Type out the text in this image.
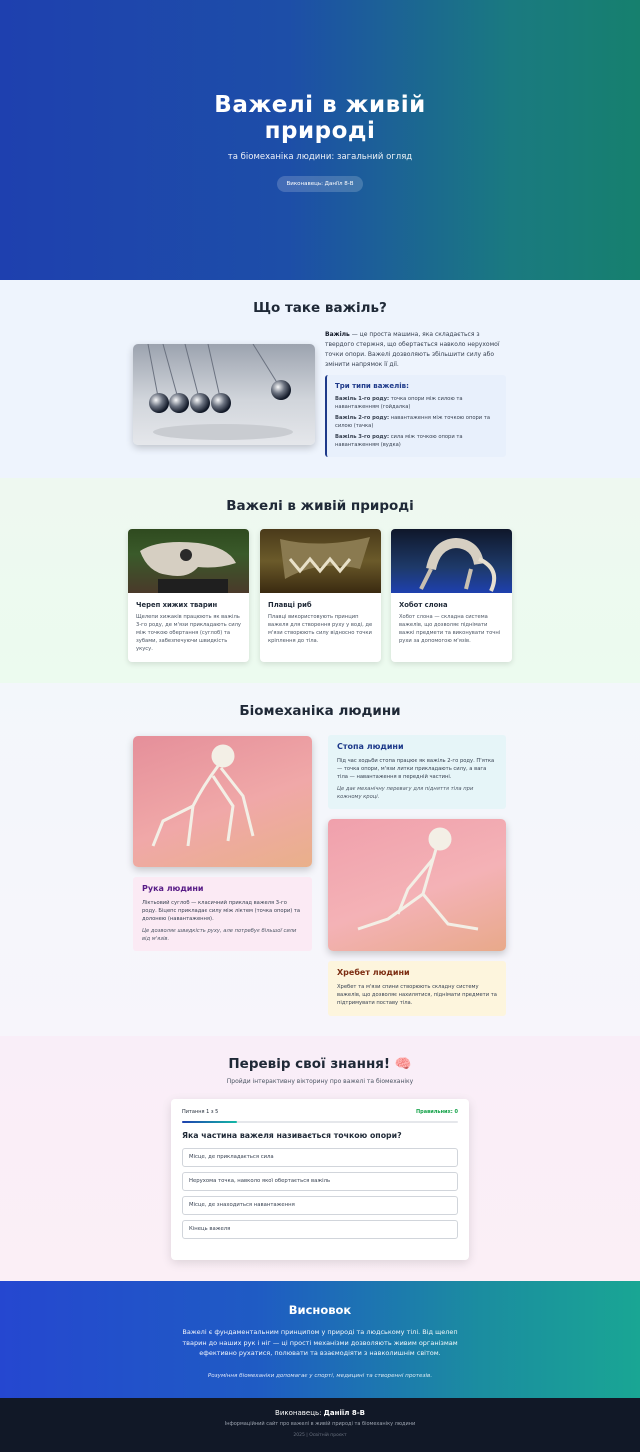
Важелі в живій
природі
та біомеханіка людини: загальний огляд
Виконавець: Даніїл 8-В
Що таке важіль?

Важіль — це проста машина, яка складається з твердого стержня, що обертається навколо нерухомої точки опори. Важелі дозволяють збільшити силу або змінити напрямок її дії.

Три типи важелів:

Важіль 1-го роду: точка опори між силою та навантаженням (гойдалка)

Важіль 2-го роду: навантаження між точкою опори та силою (тачка)

Важіль 3-го роду: сила між точкою опори та навантаженням (вудка)

Важелі в живій природі
Череп хижих тварин

Щелепи хижаків працюють як важіль 3-го роду, де м'язи прикладають силу між точкою обертання (суглоб) та зубами, забезпечуючи швидкість укусу.

Плавці риб

Плавці використовують принцип важеля для створення руху у воді, де м'язи створюють силу відносно точки кріплення до тіла.

Хобот слона

Хобот слона — складна система важелів, що дозволяє піднімати важкі предмети та виконувати точні рухи за допомогою м'язів.

Біомеханіка людини
Стопа людини

Під час ходьби стопа працює як важіль 2-го роду. П'ятка — точка опори, м'язи литки прикладають силу, а вага тіла — навантаження в передній частині.

Це дає механічну перевагу для підняття тіла при кожному кроці.

Рука людини

Ліктьовий суглоб — класичний приклад важеля 3-го роду. Біцепс прикладає силу між ліктем (точка опори) та долонею (навантаження).

Це дозволяє швидкість руху, але потребує більшої сили від м'язів.

Хребет людини

Хребет та м'язи спини створюють складну систему важелів, що дозволяє нахилятися, піднімати предмети та підтримувати поставу тіла.

Перевір свої знання! 🧠

Пройди інтерактивну вікторину про важелі та біомеханіку

Питання 1 з 5	Правильних: 0
Яка частина важеля називається точкою опори?
Місце, де прикладається сила
Нерухома точка, навколо якої обертається важіль
Місце, де знаходиться навантаження
Кінець важеля
Висновок

Важелі є фундаментальним принципом у природі та людському тілі. Від щелеп тварин до наших рук і ніг — ці прості механізми дозволяють живим організмам ефективно рухатися, полювати та взаємодіяти з навколишнім світом.

Розуміння біомеханіки допомагає у спорті, медицині та створенні протезів.

Виконавець: Даніїл 8-В
Інформаційний сайт про важелі в живій природі та біомеханіку людини
2025 | Освітній проєкт
